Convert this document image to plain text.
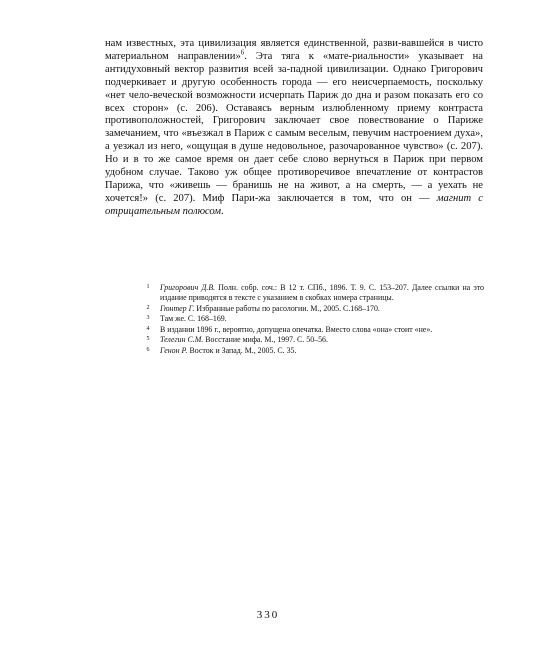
нам известных, эта цивилизация является единственной, разви-вавшейся в чисто материальном направлении»$^6$. Эта тяга к «мате-риальности» указывает на антидуховный вектор развития всей за-падной цивилизации. Однако Григорович подчеркивает и другую особенность города — его неисчерпаемость, поскольку «нет чело-веческой возможности исчерпать Париж до дна и разом показать его со всех сторон» (с. 206). Оставаясь верным излюбленному приему контраста противоположностей, Григорович заключает свое повествование о Париже замечанием, что «въезжал в Париж с самым веселым, певучим настроением духа», а уезжал из него, «ощущая в душе недовольное, разочарованное чувство» (с. 207). Но и в то же самое время он дает себе слово вернуться в Париж при первом удобном случае. Таково уж общее противоречивое впечатление от контрастов Парижа, что «живешь — бранишь не на живот, а на смерть, — а уехать не хочется!» (с. 207). Миф Пари-жа заключается в том, что он — магнит с отрицательным полюсом.

1	Григорович Д.В. Полн. собр. соч.: В 12 т. СПб., 1896. Т. 9. С. 153–207. Далее ссылки на это издание приводятся в тексте с указанием в скобках номера страницы.
2	Гюнтер Г. Избранные работы по расологии. М., 2005. С.168–170.
3	Там же. С. 168–169.
4	В издании 1896 г., вероятно, допущена опечатка. Вместо слова «она» стоит «не».
5	Телегин С.М. Восстание мифа. М., 1997. С. 50–56.
6	Генон Р. Восток и Запад. М., 2005. С. 35.
330
